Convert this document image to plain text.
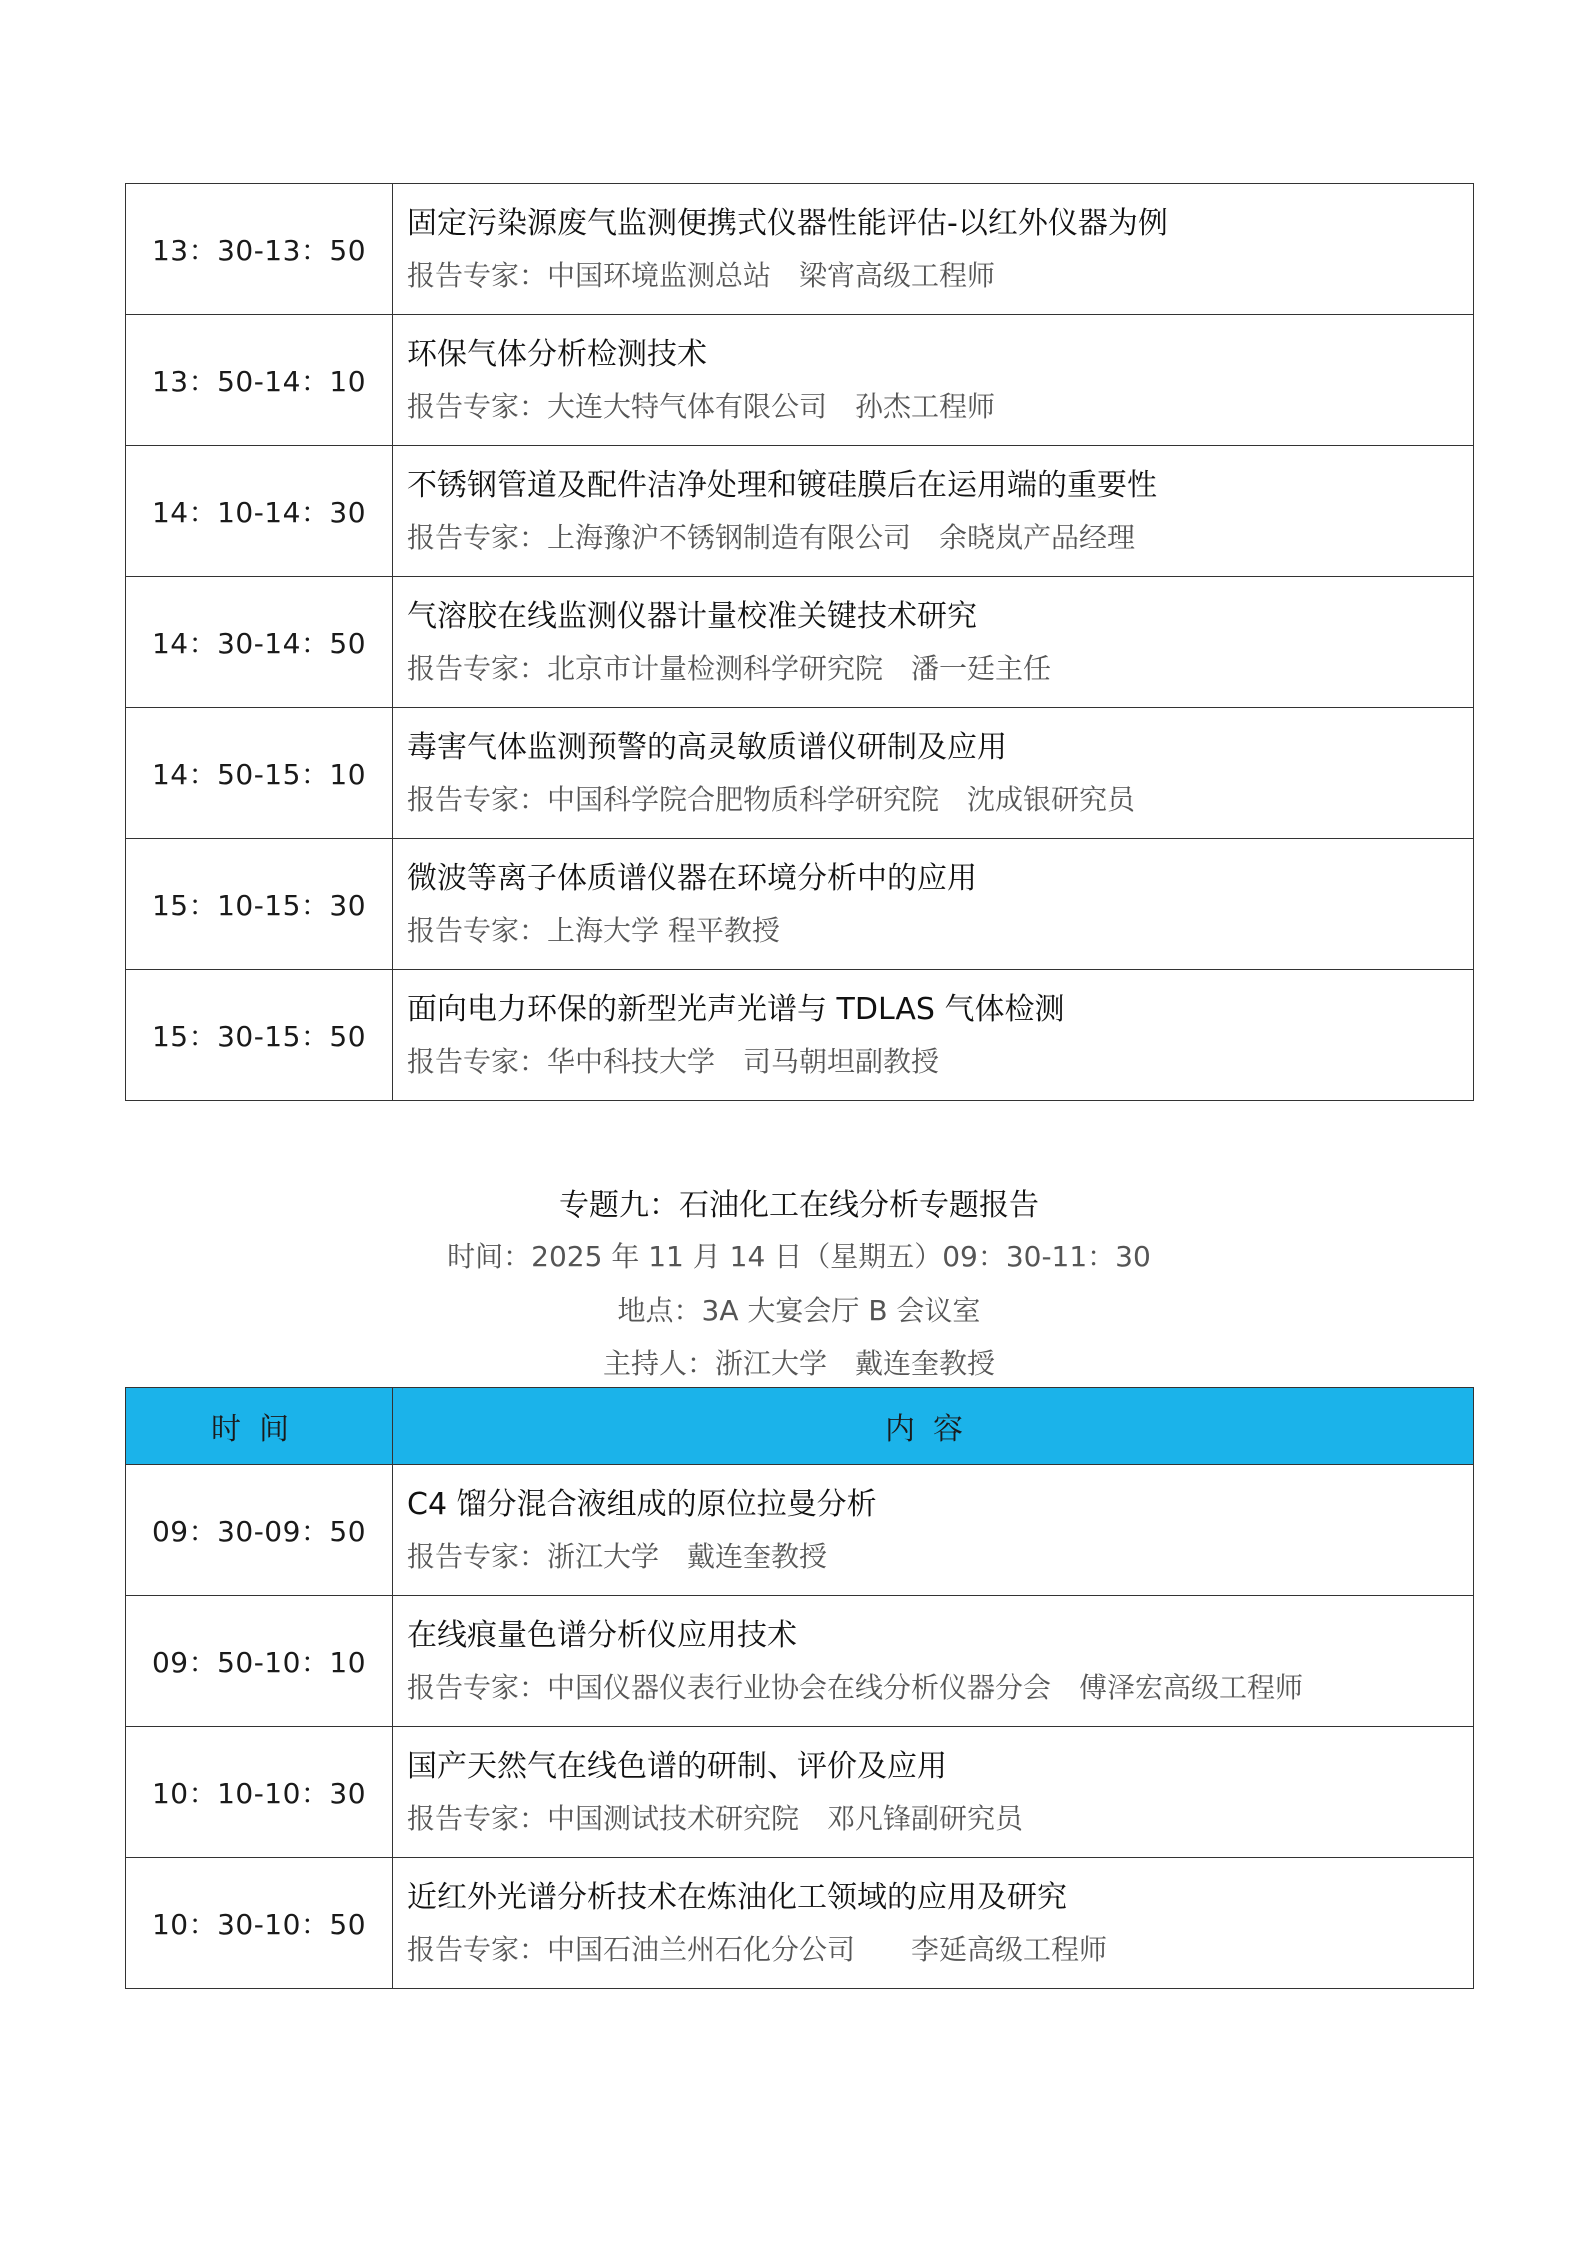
13：30-13：50	固定污染源废气监测便携式仪器性能评估-以红外仪器为例
报告专家：中国环境监测总站　梁宵高级工程师

13：50-14：10	环保气体分析检测技术
报告专家：大连大特气体有限公司　孙杰工程师

14：10-14：30	不锈钢管道及配件洁净处理和镀硅膜后在运用端的重要性
报告专家：上海豫沪不锈钢制造有限公司　余晓岚产品经理

14：30-14：50	气溶胶在线监测仪器计量校准关键技术研究
报告专家：北京市计量检测科学研究院　潘一廷主任

14：50-15：10	毒害气体监测预警的高灵敏质谱仪研制及应用
报告专家：中国科学院合肥物质科学研究院　沈成银研究员

15：10-15：30	微波等离子体质谱仪器在环境分析中的应用
报告专家：上海大学 程平教授

15：30-15：50	面向电力环保的新型光声光谱与 TDLAS 气体检测
报告专家：华中科技大学　司马朝坦副教授
专题九：石油化工在线分析专题报告
时间：2025 年 11 月 14 日（星期五）09：30-11：30
地点：3A 大宴会厅 B 会议室
主持人：浙江大学　戴连奎教授
时间	内容
09：30-09：50	C4 馏分混合液组成的原位拉曼分析
报告专家：浙江大学　戴连奎教授

09：50-10：10	在线痕量色谱分析仪应用技术
报告专家：中国仪器仪表行业协会在线分析仪器分会　傅泽宏高级工程师

10：10-10：30	国产天然气在线色谱的研制、评价及应用
报告专家：中国测试技术研究院　邓凡锋副研究员

10：30-10：50	近红外光谱分析技术在炼油化工领域的应用及研究
报告专家：中国石油兰州石化分公司　　李延高级工程师
